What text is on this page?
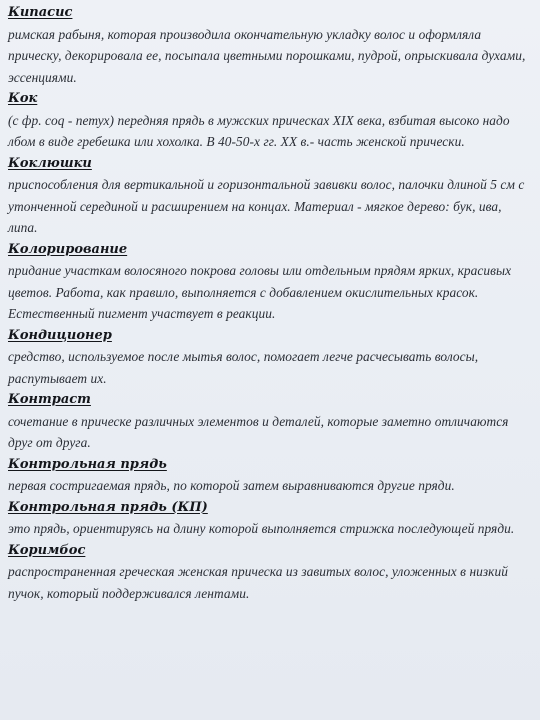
Кипасис
римская рабыня, которая производила окончательную укладку волос и оформляла прическу, декорировала ее, посыпала цветными порошками, пудрой, опрыскивала духами, эссенциями.
Кок
(с фр. coq - петух) передняя прядь в мужских прическах XIX века, взбитая высоко надо лбом в виде гребешка или хохолка. В 40-50-х гг. XX в.- часть женской прически.
Коклюшки
приспособления для вертикальной и горизонтальной завивки волос, палочки длиной 5 см с утонченной серединой и расширением на концах. Материал - мягкое дерево: бук, ива, липа.
Колорирование
придание участкам волосяного покрова головы или отдельным прядям ярких, красивых цветов. Работа, как правило, выполняется с добавлением окислительных красок. Естественный пигмент участвует в реакции.
Кондиционер
средство, используемое после мытья волос, помогает легче расчесывать волосы, распутывает их.
Контраст
сочетание в прическе различных элементов и деталей, которые заметно отличаются друг от друга.
Контрольная прядь
первая состригаемая прядь, по которой затем выравниваются другие пряди.
Контрольная прядь (КП)
это прядь, ориентируясь на длину которой выполняется стрижка последующей пряди.
Коримбос
распространенная греческая женская прическа из завитых волос, уложенных в низкий пучок, который поддерживался лентами.
